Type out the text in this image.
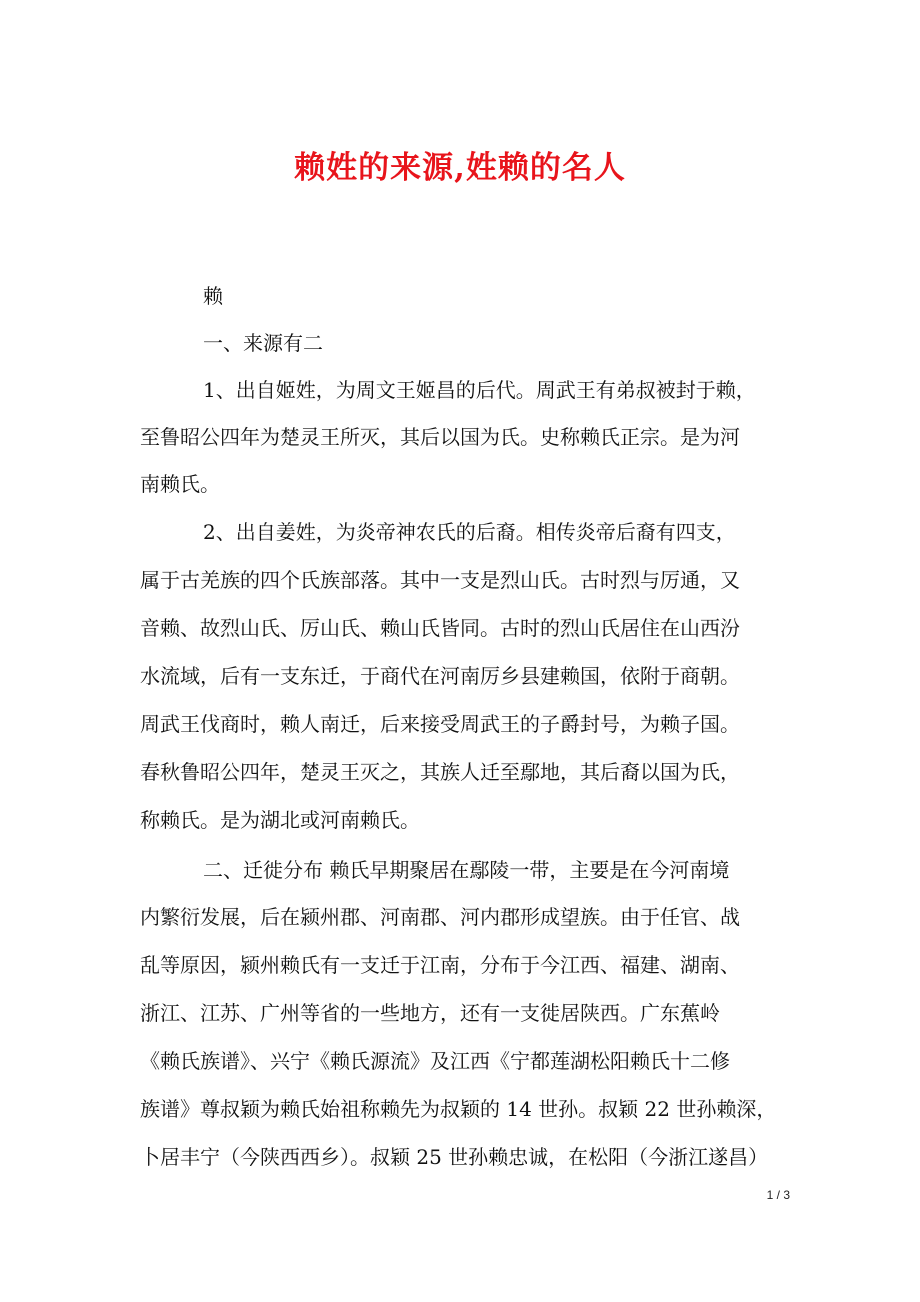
赖姓的来源,姓赖的名人
赖
一、来源有二
1、出自姬姓，为周文王姬昌的后代。周武王有弟叔被封于赖，
至鲁昭公四年为楚灵王所灭，其后以国为氏。史称赖氏正宗。是为河
南赖氏。
2、出自姜姓，为炎帝神农氏的后裔。相传炎帝后裔有四支，
属于古羌族的四个氏族部落。其中一支是烈山氏。古时烈与厉通，又
音赖、故烈山氏、厉山氏、赖山氏皆同。古时的烈山氏居住在山西汾
水流域，后有一支东迁，于商代在河南厉乡县建赖国，依附于商朝。
周武王伐商时，赖人南迁，后来接受周武王的子爵封号，为赖子国。
春秋鲁昭公四年，楚灵王灭之，其族人迁至鄢地，其后裔以国为氏，
称赖氏。是为湖北或河南赖氏。
二、迁徙分布 赖氏早期聚居在鄢陵一带，主要是在今河南境
内繁衍发展，后在颍州郡、河南郡、河内郡形成望族。由于任官、战
乱等原因，颍州赖氏有一支迁于江南，分布于今江西、福建、湖南、
浙江、江苏、广州等省的一些地方，还有一支徙居陕西。广东蕉岭
《赖氏族谱》、兴宁《赖氏源流》及江西《宁都莲湖松阳赖氏十二修
族谱》尊叔颖为赖氏始祖称赖先为叔颖的 14 世孙。叔颖 22 世孙赖深，
卜居丰宁（今陕西西乡）。叔颖 25 世孙赖忠诚，在松阳（今浙江遂昌）
1 / 3
